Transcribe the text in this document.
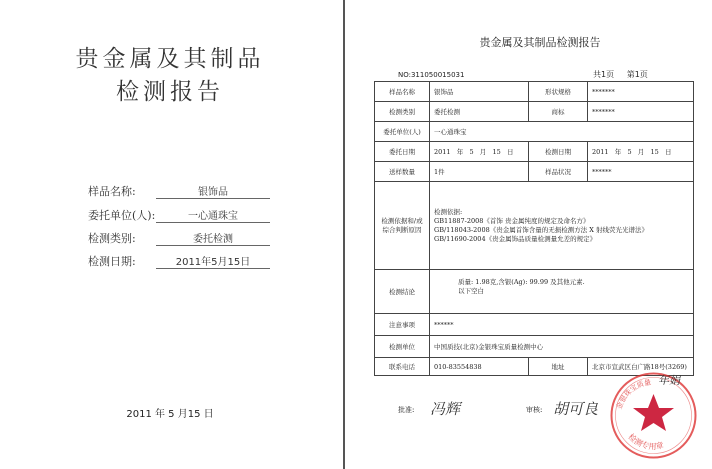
贵金属及其制品
检测报告
样品名称:	银饰品
委托单位(人):	一心通珠宝
检测类别:	委托检测
检测日期:	2011年5月15日
2011 年 5 月15 日
贵金属及其制品检测报告
NO:311050015031	共1页     第1页
样品名称	银饰品	形状规格	*******
检测类别	委托检测	商标	*******
委托单位(人)	一心通珠宝		
委托日期	2011   年   5   月   15   日	检测日期	2011   年   5   月   15   日
送样数量	1件	样品状况	******
检测依据和/或综合判断原因	检测依据:
GB11887-2008《首饰 贵金属纯度的规定及命名方》
GB/118043-2008《贵金属首饰含量的无损检测方法 X 射线荧光光谱法》
GB/11690-2004《贵金属饰品质量检测量允差的规定》		

检测结论	质量: 1.98克,含银(Ag): 99.99 及其他元素.
以下空白		

注意事项	******		
检测单位	中国质技(北京)金银珠宝质量检测中心		
联系电话	010-83554838	地址	北京市宣武区白广路18号(3269)
批准: 冯辉	审核: 胡可良 金银珠宝质量
检测专用章
年娟
